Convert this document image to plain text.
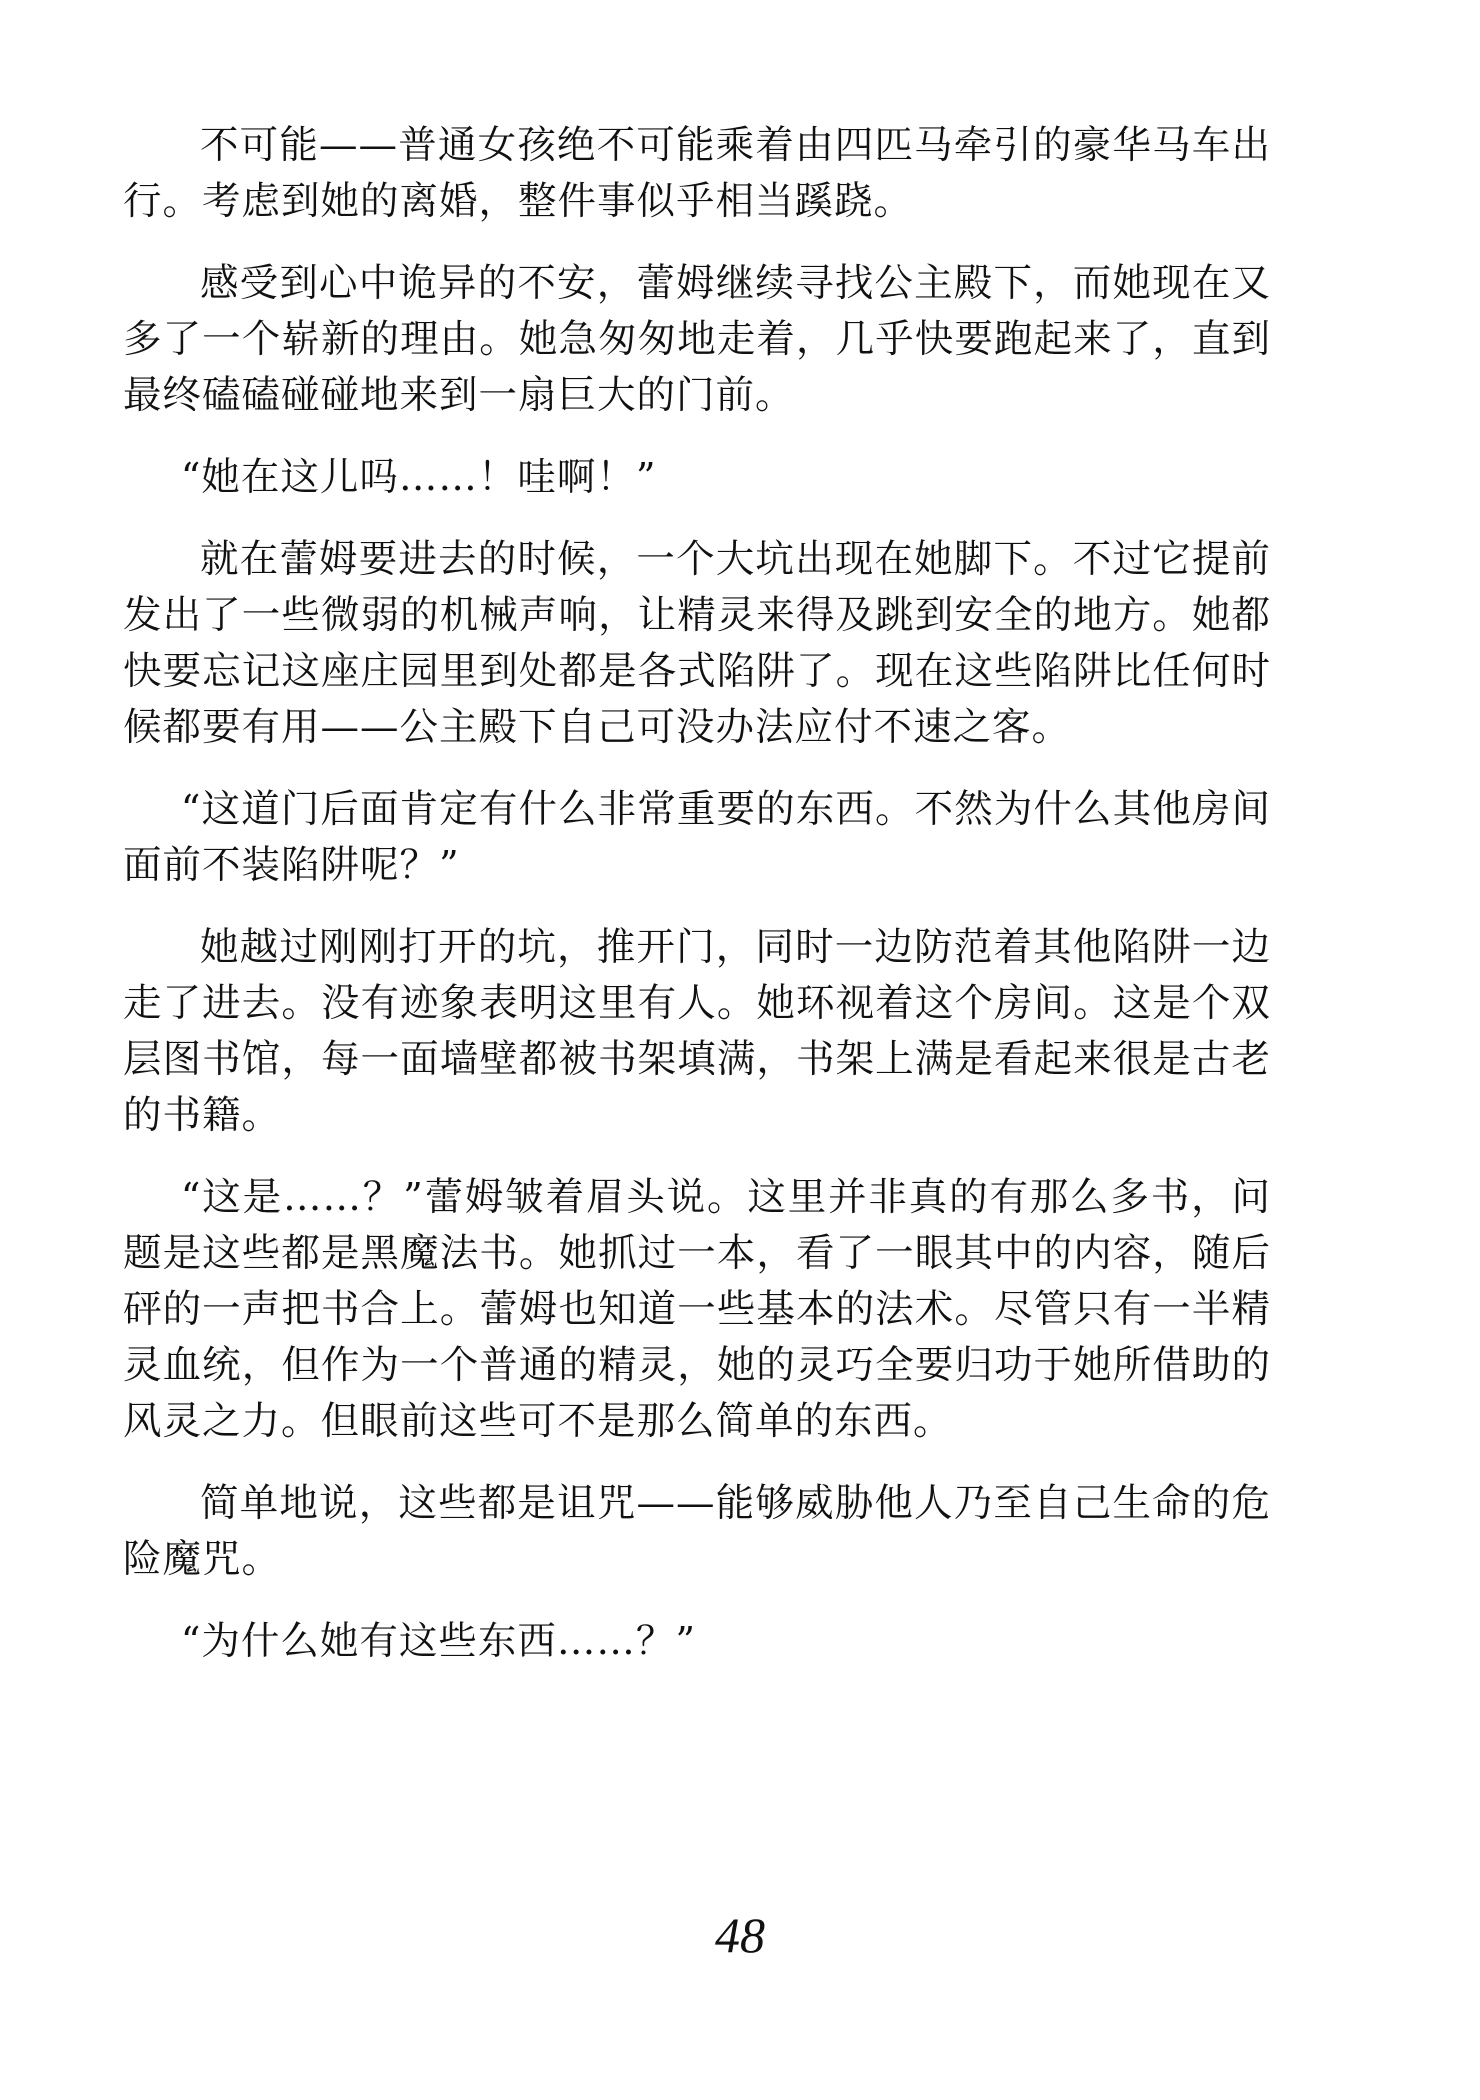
不可能——普通女孩绝不可能乘着由四匹马牵引的豪华马车出行。考虑到她的离婚，整件事似乎相当蹊跷。

感受到心中诡异的不安，蕾姆继续寻找公主殿下，而她现在又多了一个崭新的理由。她急匆匆地走着，几乎快要跑起来了，直到最终磕磕碰碰地来到一扇巨大的门前。

“她在这儿吗……！哇啊！”

就在蕾姆要进去的时候，一个大坑出现在她脚下。不过它提前发出了一些微弱的机械声响，让精灵来得及跳到安全的地方。她都快要忘记这座庄园里到处都是各式陷阱了。现在这些陷阱比任何时候都要有用——公主殿下自己可没办法应付不速之客。

“这道门后面肯定有什么非常重要的东西。不然为什么其他房间面前不装陷阱呢？”

她越过刚刚打开的坑，推开门，同时一边防范着其他陷阱一边走了进去。没有迹象表明这里有人。她环视着这个房间。这是个双层图书馆，每一面墙壁都被书架填满，书架上满是看起来很是古老的书籍。

“这是……？”蕾姆皱着眉头说。这里并非真的有那么多书，问题是这些都是黑魔法书。她抓过一本，看了一眼其中的内容，随后砰的一声把书合上。蕾姆也知道一些基本的法术。尽管只有一半精灵血统，但作为一个普通的精灵，她的灵巧全要归功于她所借助的风灵之力。但眼前这些可不是那么简单的东西。

简单地说，这些都是诅咒——能够威胁他人乃至自己生命的危险魔咒。

“为什么她有这些东西……？”

48
